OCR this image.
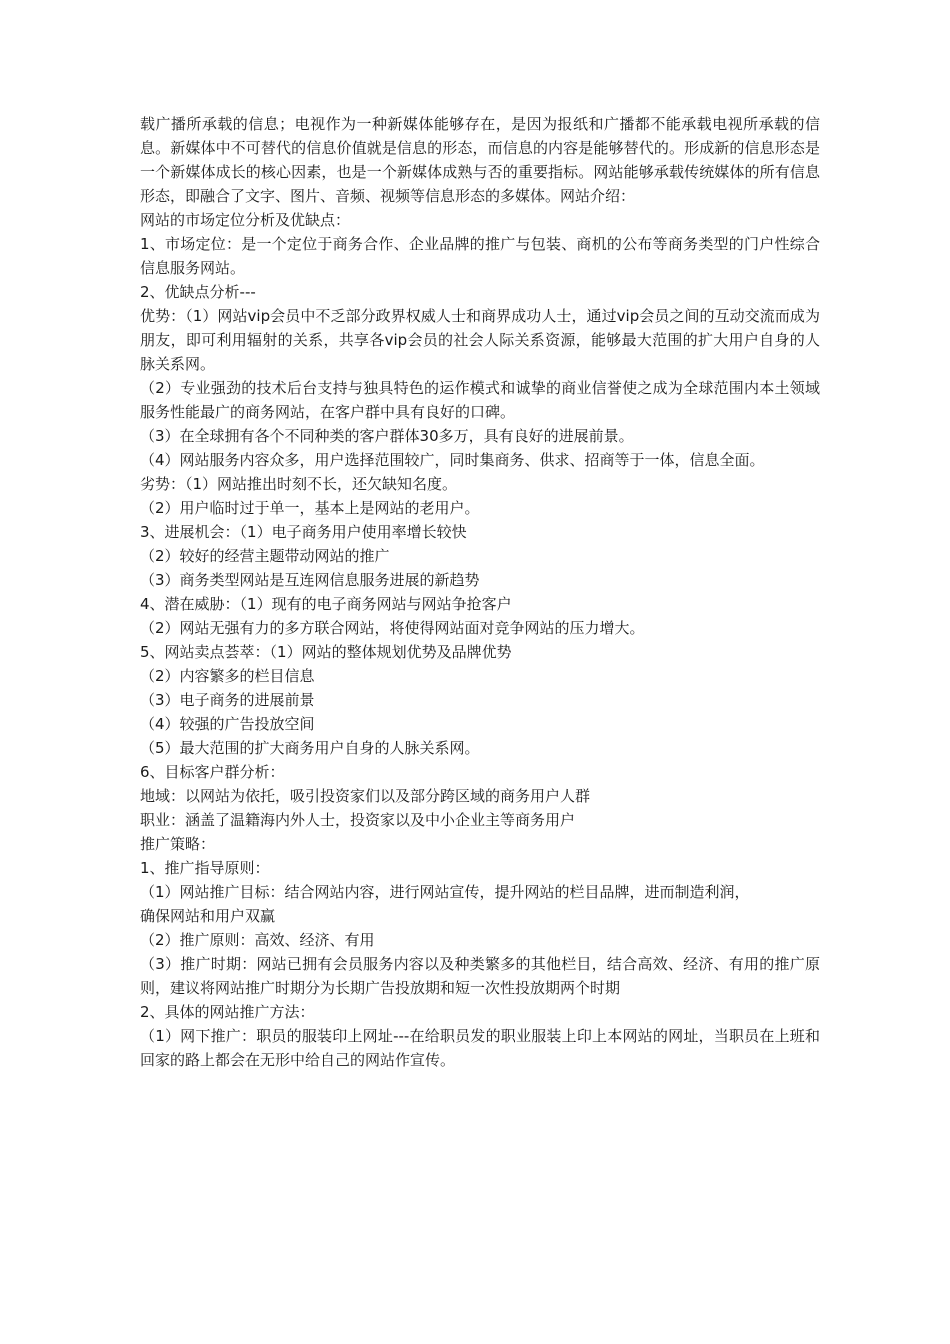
载广播所承载的信息；电视作为一种新媒体能够存在，是因为报纸和广播都不能承载电视所承载的信息。新媒体中不可替代的信息价值就是信息的形态，而信息的内容是能够替代的。形成新的信息形态是一个新媒体成长的核心因素，也是一个新媒体成熟与否的重要指标。网站能够承载传统媒体的所有信息形态，即融合了文字、图片、音频、视频等信息形态的多媒体。网站介绍：

网站的市场定位分析及优缺点：

1、市场定位：是一个定位于商务合作、企业品牌的推广与包装、商机的公布等商务类型的门户性综合信息服务网站。

2、优缺点分析---

优势：（1）网站vip会员中不乏部分政界权威人士和商界成功人士，通过vip会员之间的互动交流而成为朋友，即可利用辐射的关系，共享各vip会员的社会人际关系资源，能够最大范围的扩大用户自身的人脉关系网。

（2）专业强劲的技术后台支持与独具特色的运作模式和诚挚的商业信誉使之成为全球范围内本土领域服务性能最广的商务网站，在客户群中具有良好的口碑。

（3）在全球拥有各个不同种类的客户群体30多万，具有良好的进展前景。

（4）网站服务内容众多，用户选择范围较广，同时集商务、供求、招商等于一体，信息全面。

劣势：（1）网站推出时刻不长，还欠缺知名度。

（2）用户临时过于单一，基本上是网站的老用户。

3、进展机会：（1）电子商务用户使用率增长较快

（2）较好的经营主题带动网站的推广

（3）商务类型网站是互连网信息服务进展的新趋势

4、潜在威胁：（1）现有的电子商务网站与网站争抢客户

（2）网站无强有力的多方联合网站，将使得网站面对竞争网站的压力增大。

5、网站卖点荟萃：（1）网站的整体规划优势及品牌优势

（2）内容繁多的栏目信息

（3）电子商务的进展前景

（4）较强的广告投放空间

（5）最大范围的扩大商务用户自身的人脉关系网。

6、目标客户群分析：

地域：以网站为依托，吸引投资家们以及部分跨区域的商务用户人群

职业：涵盖了温籍海内外人士，投资家以及中小企业主等商务用户

推广策略：

1、推广指导原则：

（1）网站推广目标：结合网站内容，进行网站宣传，提升网站的栏目品牌，进而制造利润，

确保网站和用户双赢

（2）推广原则：高效、经济、有用

（3）推广时期：网站已拥有会员服务内容以及种类繁多的其他栏目，结合高效、经济、有用的推广原则，建议将网站推广时期分为长期广告投放期和短一次性投放期两个时期

2、具体的网站推广方法：

（1）网下推广：职员的服装印上网址---在给职员发的职业服装上印上本网站的网址，当职员在上班和回家的路上都会在无形中给自己的网站作宣传。
